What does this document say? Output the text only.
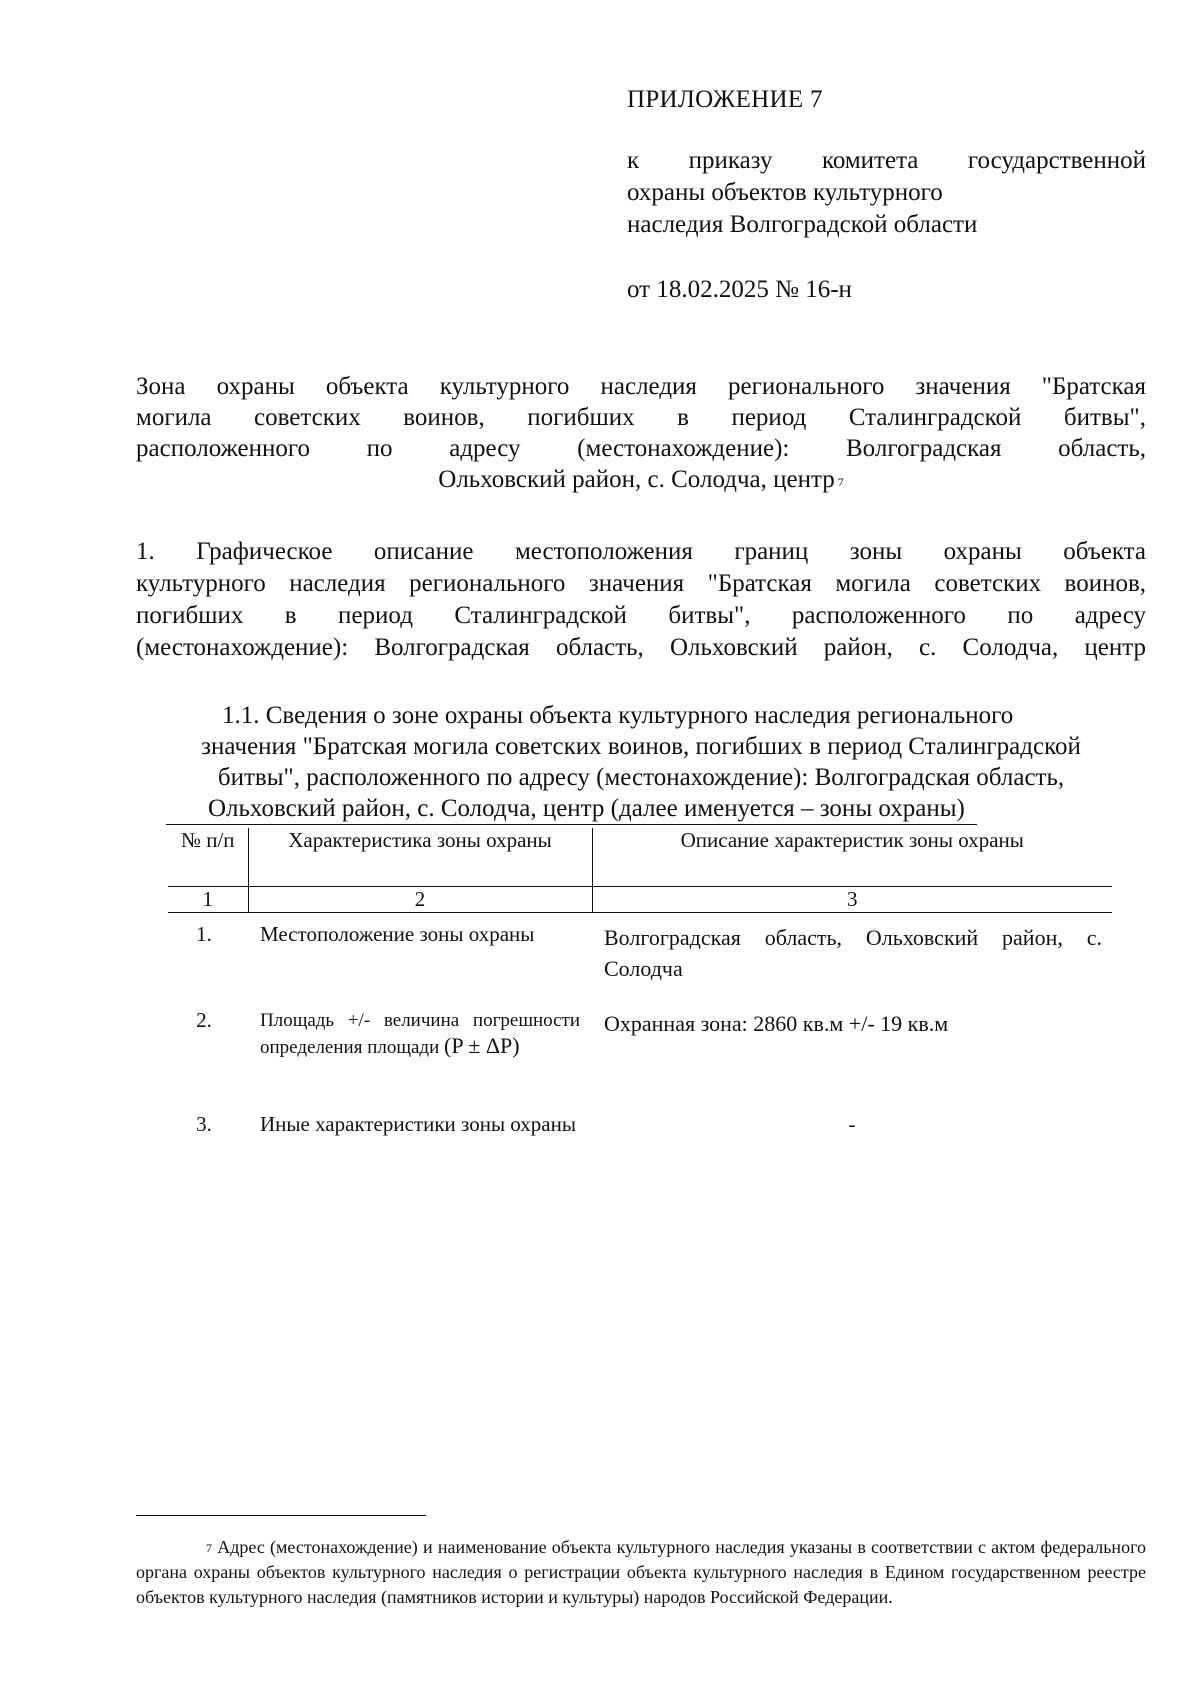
ПРИЛОЖЕНИЕ 7
к приказу комитета государственной
охраны объектов культурного
наследия Волгоградской области
от 18.02.2025 № 16-н
Зона охраны объекта культурного наследия регионального значения "Братская
могила советских воинов, погибших в период Сталинградской битвы",
расположенного по адресу (местонахождение): Волгоградская область,
Ольховский район, с. Солодча, центр $^7$
1. Графическое описание местоположения границ зоны охраны объекта
культурного наследия регионального значения "Братская могила советских воинов,
погибших в период Сталинградской битвы", расположенного по адресу
(местонахождение): Волгоградская область, Ольховский район, с. Солодча, центр
1.1. Сведения о зоне охраны объекта культурного наследия регионального
значения "Братская могила советских воинов, погибших в период Сталинградской
битвы", расположенного по адресу (местонахождение): Волгоградская область,
Ольховский район, с. Солодча, центр (далее именуется – зоны охраны)
№ п/п	Характеристика зоны охраны	Описание характеристик зоны охраны
1	2	3
1.	Местоположение зоны охраны	Волгоградская область, Ольховский район, с. Солодча
2.	Площадь +/- величина погрешности определения площади (P ± ΔP)	Охранная зона: 2860 кв.м +/- 19 кв.м
3.	Иные характеристики зоны охраны	-
$^7$ Адрес (местонахождение) и наименование объекта культурного наследия указаны в соответствии с актом федерального органа охраны объектов культурного наследия о регистрации объекта культурного наследия в Едином государственном реестре объектов культурного наследия (памятников истории и культуры) народов Российской Федерации.
